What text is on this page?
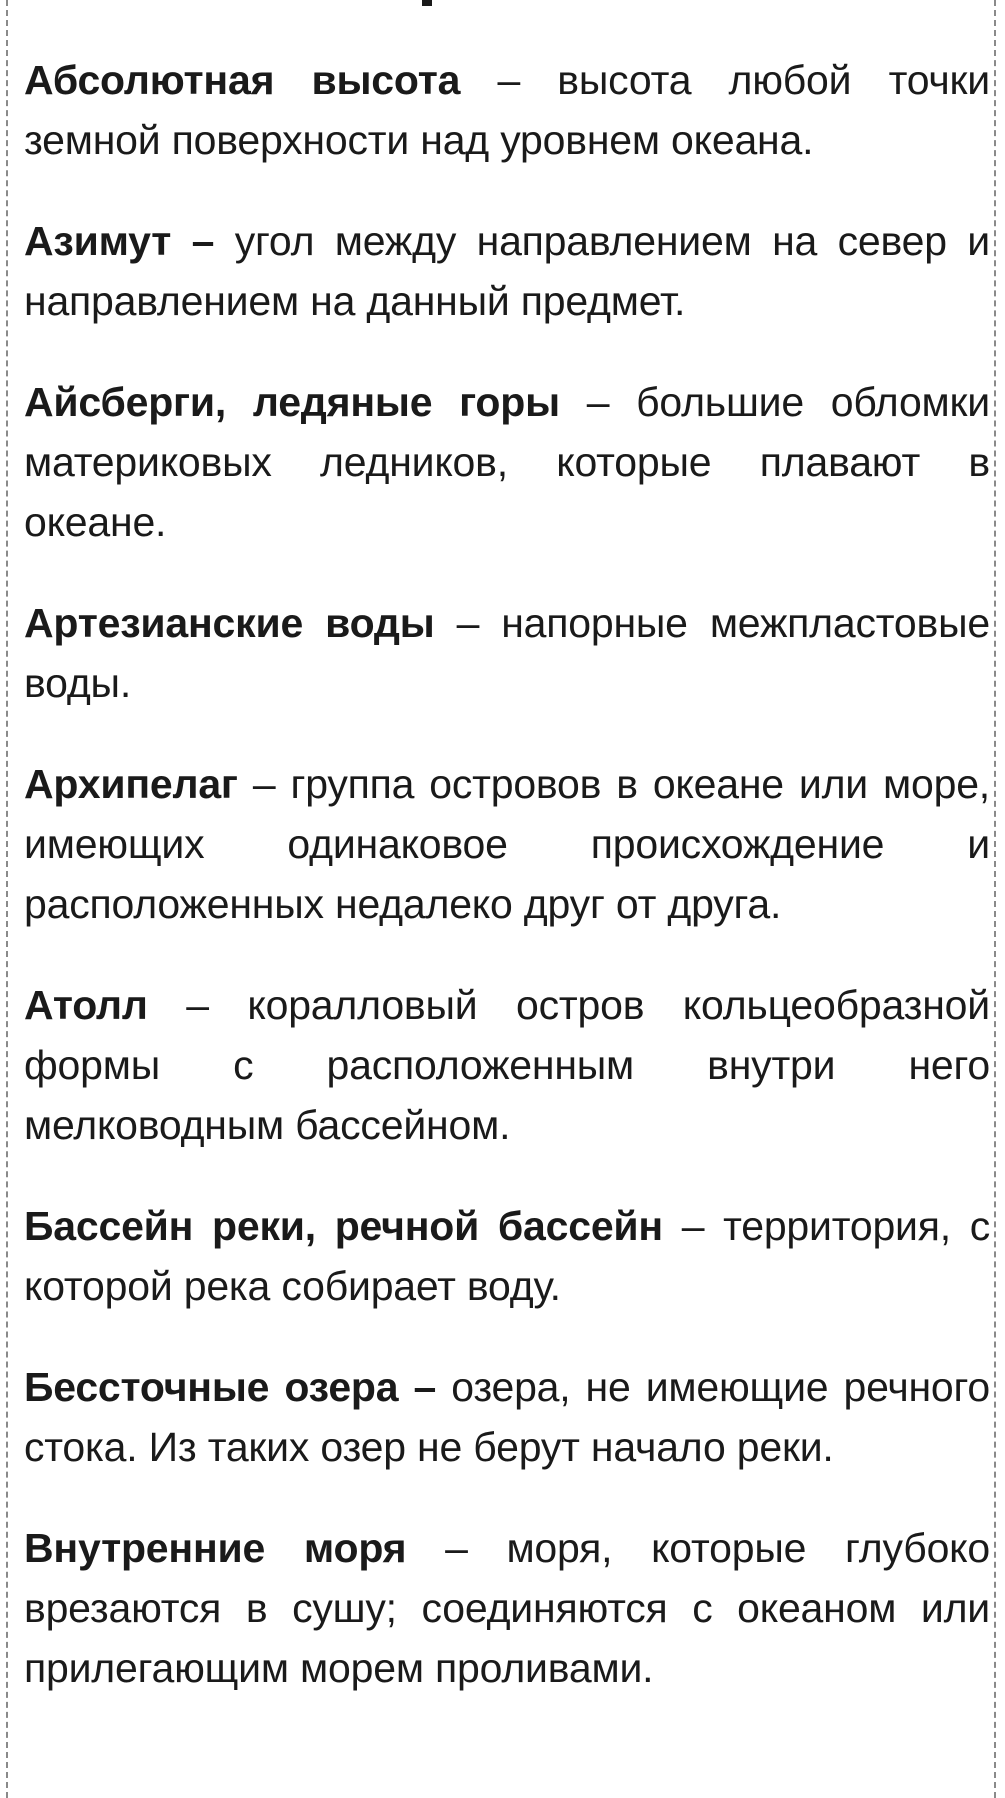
Абсолютная высота – высота любой точки земной поверхности над уровнем океана.
Азимут – угол между направлением на север и направлением на данный предмет.
Айсберги, ледяные горы – большие обломки материковых ледников, которые плавают в океане.
Артезианские воды – напорные межпластовые воды.
Архипелаг – группа островов в океане или море, имеющих одинаковое происхождение и расположенных недалеко друг от друга.
Атолл – коралловый остров кольцеобразной формы с расположенным внутри него мелководным бассейном.
Бассейн реки, речной бассейн – территория, с которой река собирает воду.
Бессточные озера – озера, не имеющие речного стока. Из таких озер не берут начало реки.
Внутренние моря – моря, которые глубоко врезаются в сушу; соединяются с океаном или прилегающим морем проливами.
